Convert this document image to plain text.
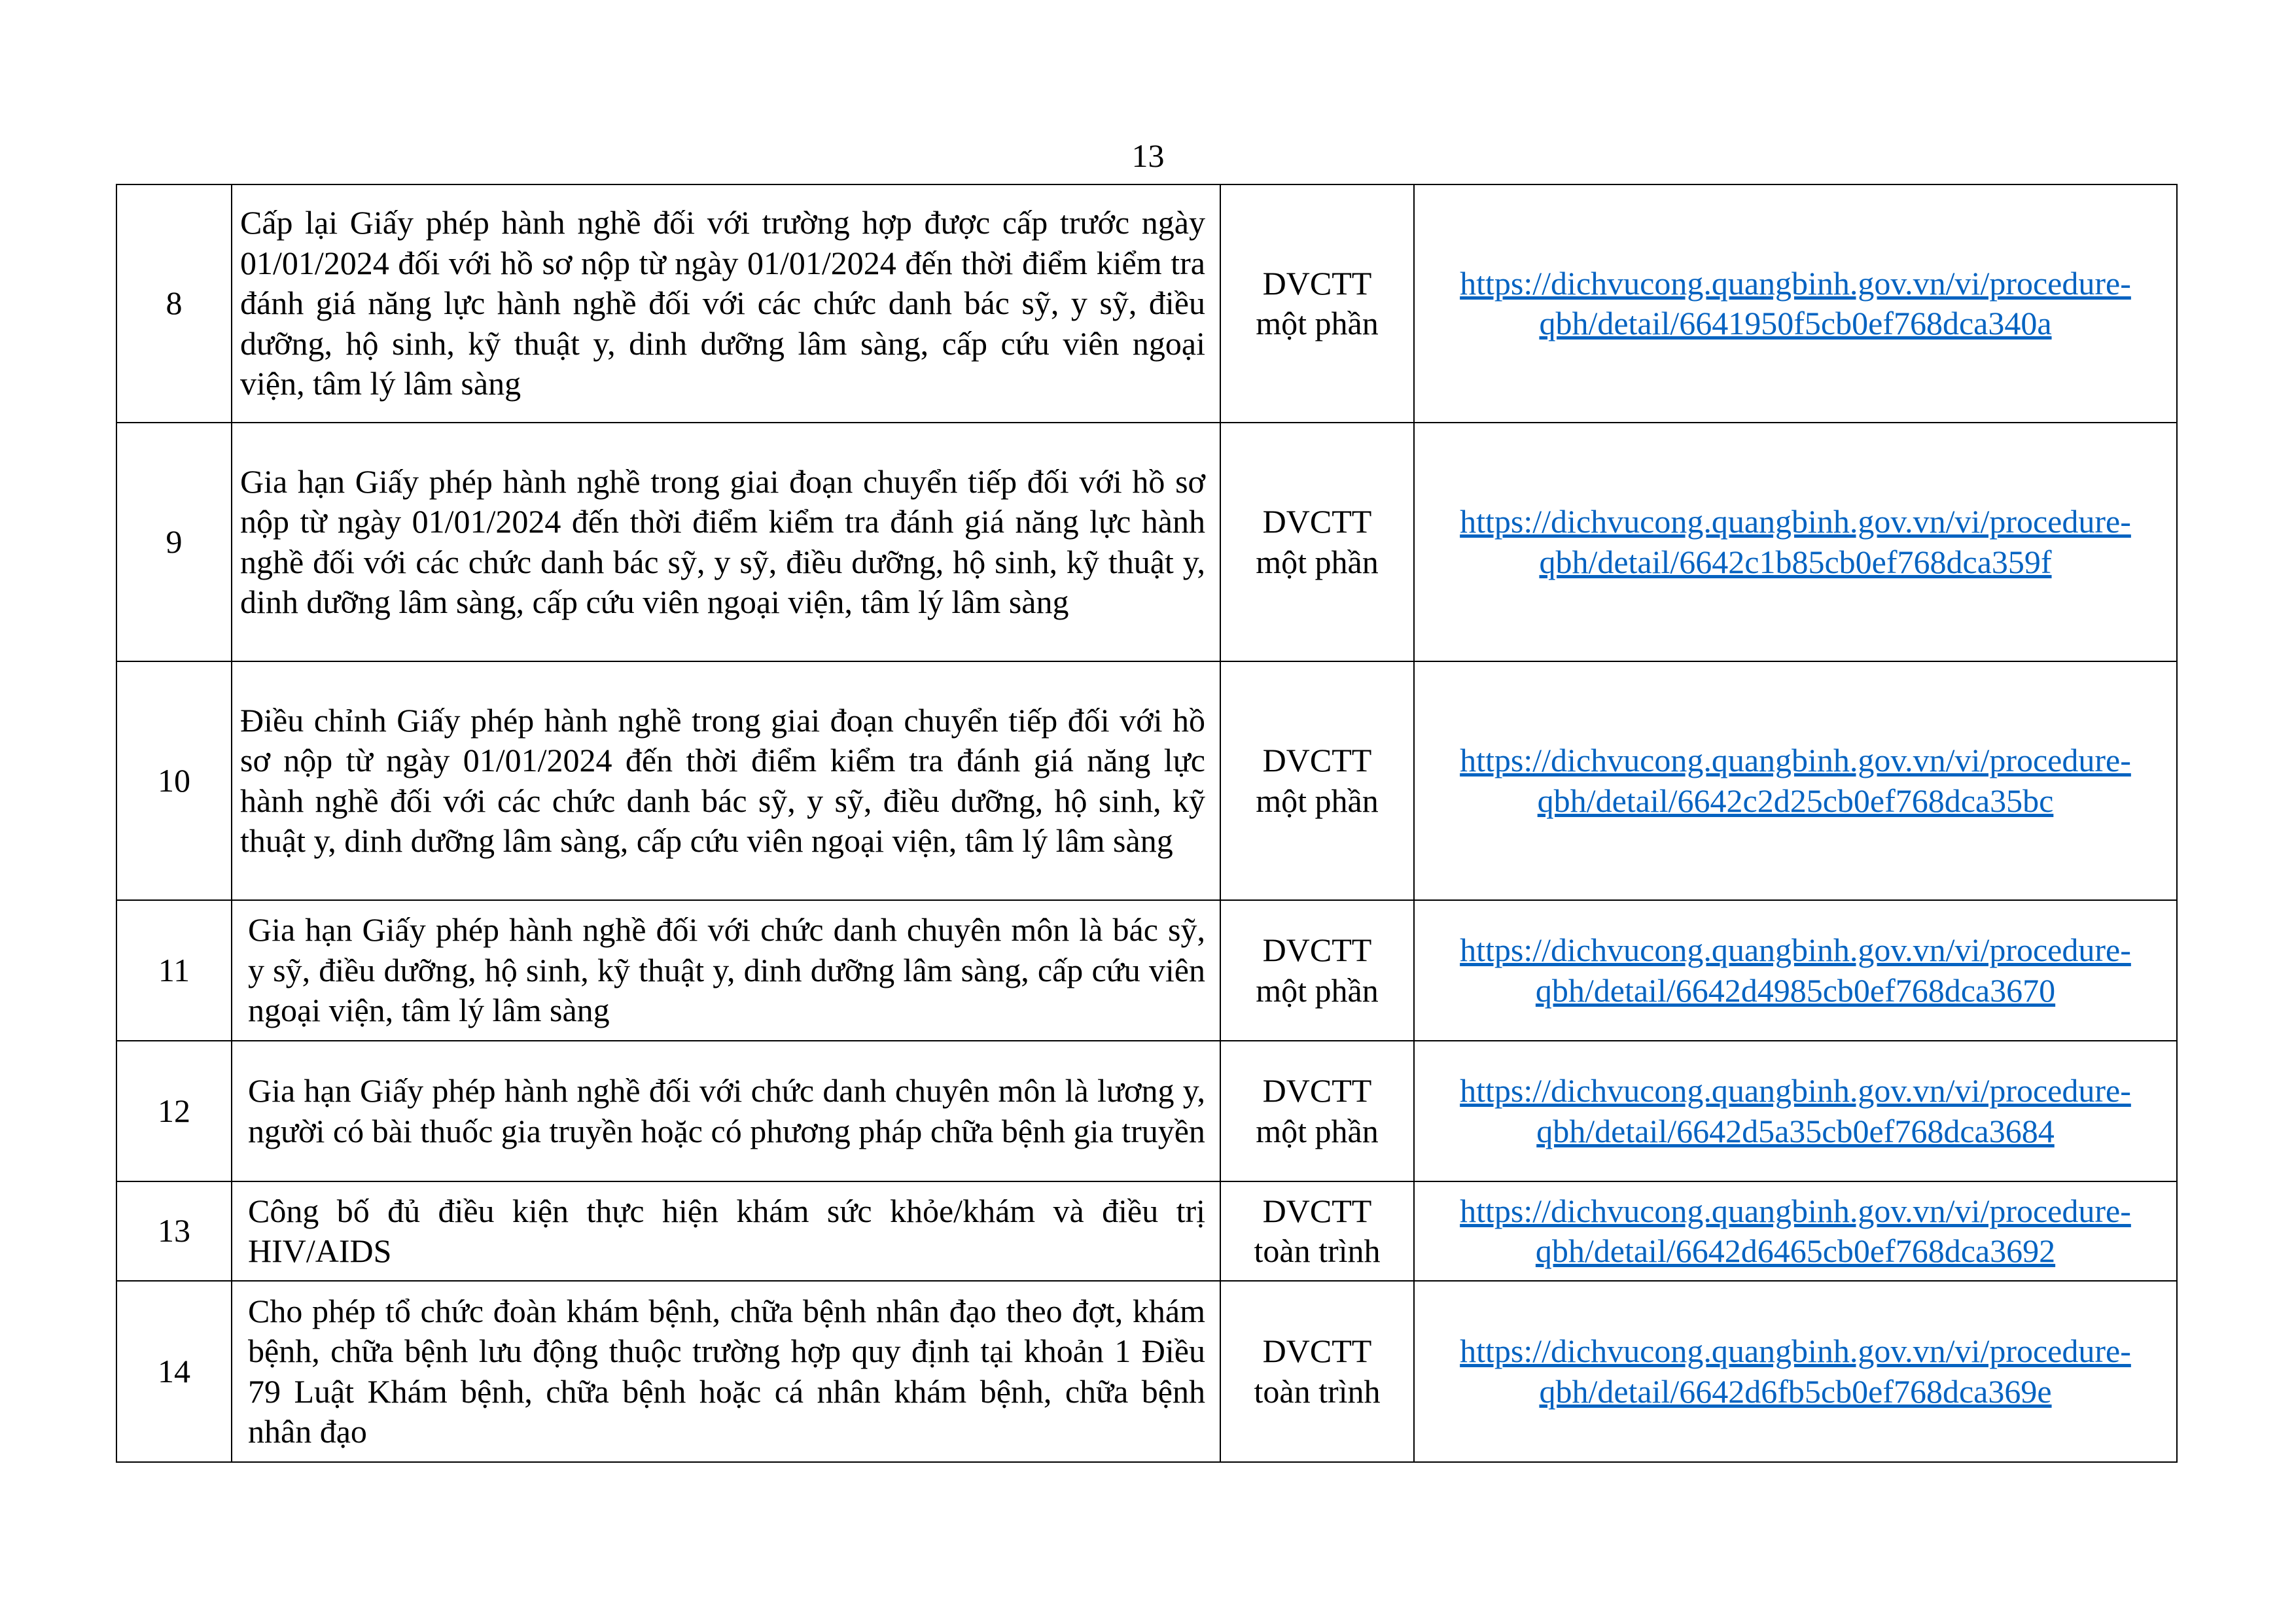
13
8	Cấp lại Giấy phép hành nghề đối với trường hợp được cấp trước ngày 01/01/2024 đối với hồ sơ nộp từ ngày 01/01/2024 đến thời điểm kiểm tra đánh giá năng lực hành nghề đối với các chức danh bác sỹ, y sỹ, điều dưỡng, hộ sinh, kỹ thuật y, dinh dưỡng lâm sàng, cấp cứu viên ngoại viện, tâm lý lâm sàng	DVCTT
một phần	https://dichvucong.quangbinh.gov.vn/vi/procedure-
qbh/detail/6641950f5cb0ef768dca340a

9	Gia hạn Giấy phép hành nghề trong giai đoạn chuyển tiếp đối với hồ sơ nộp từ ngày 01/01/2024 đến thời điểm kiểm tra đánh giá năng lực hành nghề đối với các chức danh bác sỹ, y sỹ, điều dưỡng, hộ sinh, kỹ thuật y, dinh dưỡng lâm sàng, cấp cứu viên ngoại viện, tâm lý lâm sàng	DVCTT
một phần	https://dichvucong.quangbinh.gov.vn/vi/procedure-
qbh/detail/6642c1b85cb0ef768dca359f

10	Điều chỉnh Giấy phép hành nghề trong giai đoạn chuyển tiếp đối với hồ sơ nộp từ ngày 01/01/2024 đến thời điểm kiểm tra đánh giá năng lực hành nghề đối với các chức danh bác sỹ, y sỹ, điều dưỡng, hộ sinh, kỹ thuật y, dinh dưỡng lâm sàng, cấp cứu viên ngoại viện, tâm lý lâm sàng	DVCTT
một phần	https://dichvucong.quangbinh.gov.vn/vi/procedure-
qbh/detail/6642c2d25cb0ef768dca35bc

11	Gia hạn Giấy phép hành nghề đối với chức danh chuyên môn là bác sỹ, y sỹ, điều dưỡng, hộ sinh, kỹ thuật y, dinh dưỡng lâm sàng, cấp cứu viên ngoại viện, tâm lý lâm sàng	DVCTT
một phần	https://dichvucong.quangbinh.gov.vn/vi/procedure-
qbh/detail/6642d4985cb0ef768dca3670

12	Gia hạn Giấy phép hành nghề đối với chức danh chuyên môn là lương y, người có bài thuốc gia truyền hoặc có phương pháp chữa bệnh gia truyền	DVCTT
một phần	https://dichvucong.quangbinh.gov.vn/vi/procedure-
qbh/detail/6642d5a35cb0ef768dca3684

13	Công bố đủ điều kiện thực hiện khám sức khỏe/khám và điều trị HIV/AIDS	DVCTT
toàn trình	https://dichvucong.quangbinh.gov.vn/vi/procedure-
qbh/detail/6642d6465cb0ef768dca3692

14	Cho phép tổ chức đoàn khám bệnh, chữa bệnh nhân đạo theo đợt, khám bệnh, chữa bệnh lưu động thuộc trường hợp quy định tại khoản 1 Điều 79 Luật Khám bệnh, chữa bệnh hoặc cá nhân khám bệnh, chữa bệnh nhân đạo	DVCTT
toàn trình	https://dichvucong.quangbinh.gov.vn/vi/procedure-
qbh/detail/6642d6fb5cb0ef768dca369e
